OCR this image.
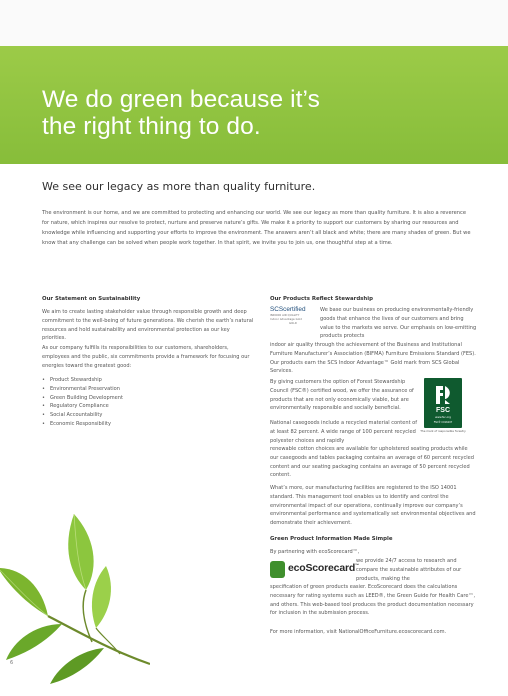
We do green because it’s
the right thing to do.
We see our legacy as more than quality furniture.
The environment is our home, and we are committed to protecting and enhancing our world. We see our legacy as more than quality furniture. It is also a reverence for nature, which inspires our resolve to protect, nurture and preserve nature’s gifts. We make it a priority to support our customers by sharing our resources and knowledge while influencing and supporting your efforts to improve the environment. The answers aren’t all black and white; there are many shades of green. But we know that any challenge can be solved when people work together. In that spirit, we invite you to join us, one thoughtful step at a time.
Our Statement on Sustainability
We aim to create lasting stakeholder value through responsible growth and deep commitment to the well-being of future generations. We cherish the earth’s natural resources and hold sustainability and environmental protection as our key priorities.
As our company fulfills its responsibilities to our customers, shareholders, employees and the public, six commitments provide a framework for focusing our energies toward the greatest good:
• Product Stewardship
• Environmental Preservation
• Green Building Development
• Regulatory Compliance
• Social Accountability
• Economic Responsibility
Our Products Reflect Stewardship
SCScertified
INDOOR AIR QUALITY
Indoor Advantage Gold
GOLD
We base our business on producing environmentally-friendly goods that enhance the lives of our customers and bring value to the markets we serve. Our emphasis on low-emitting products protects
indoor air quality through the achievement of the Business and Institutional Furniture Manufacturer’s Association (BIFMA) Furniture Emissions Standard (FES). Our products earn the SCS Indoor Advantage™ Gold mark from SCS Global Services.
By giving customers the option of Forest Stewardship Council (FSC®) certified wood, we offer the assurance of products that are not only economically viable, but are environmentally responsible and socially beneficial.	FSC
www.fsc.org
FSC® C016207
The mark of responsible forestry
National casegoods include a recycled material content of at least 82 percent. A wide range of 100 percent recycled polyester choices and rapidly
renewable cotton choices are available for upholstered seating products while our casegoods and tables packaging contains an average of 60 percent recycled content and our seating packaging contains an average of 50 percent recycled content.
What’s more, our manufacturing facilities are registered to the ISO 14001 standard. This management tool enables us to identify and control the environmental impact of our operations, continually improve our company’s environmental performance and systematically set environmental objectives and demonstrate their achievement.
Green Product Information Made Simple
By partnering with ecoScorecard™,
ecoScorecard™
we provide 24/7 access to research and compare the sustainable attributes of our products, making the
specification of green products easier. EcoScorecard does the calculations necessary for rating systems such as LEED®, the Green Guide for Health Care™, and others. This web-based tool produces the product documentation necessary for inclusion in the submission process.
For more information, visit NationalOfficeFurniture.ecoscorecard.com.
6
